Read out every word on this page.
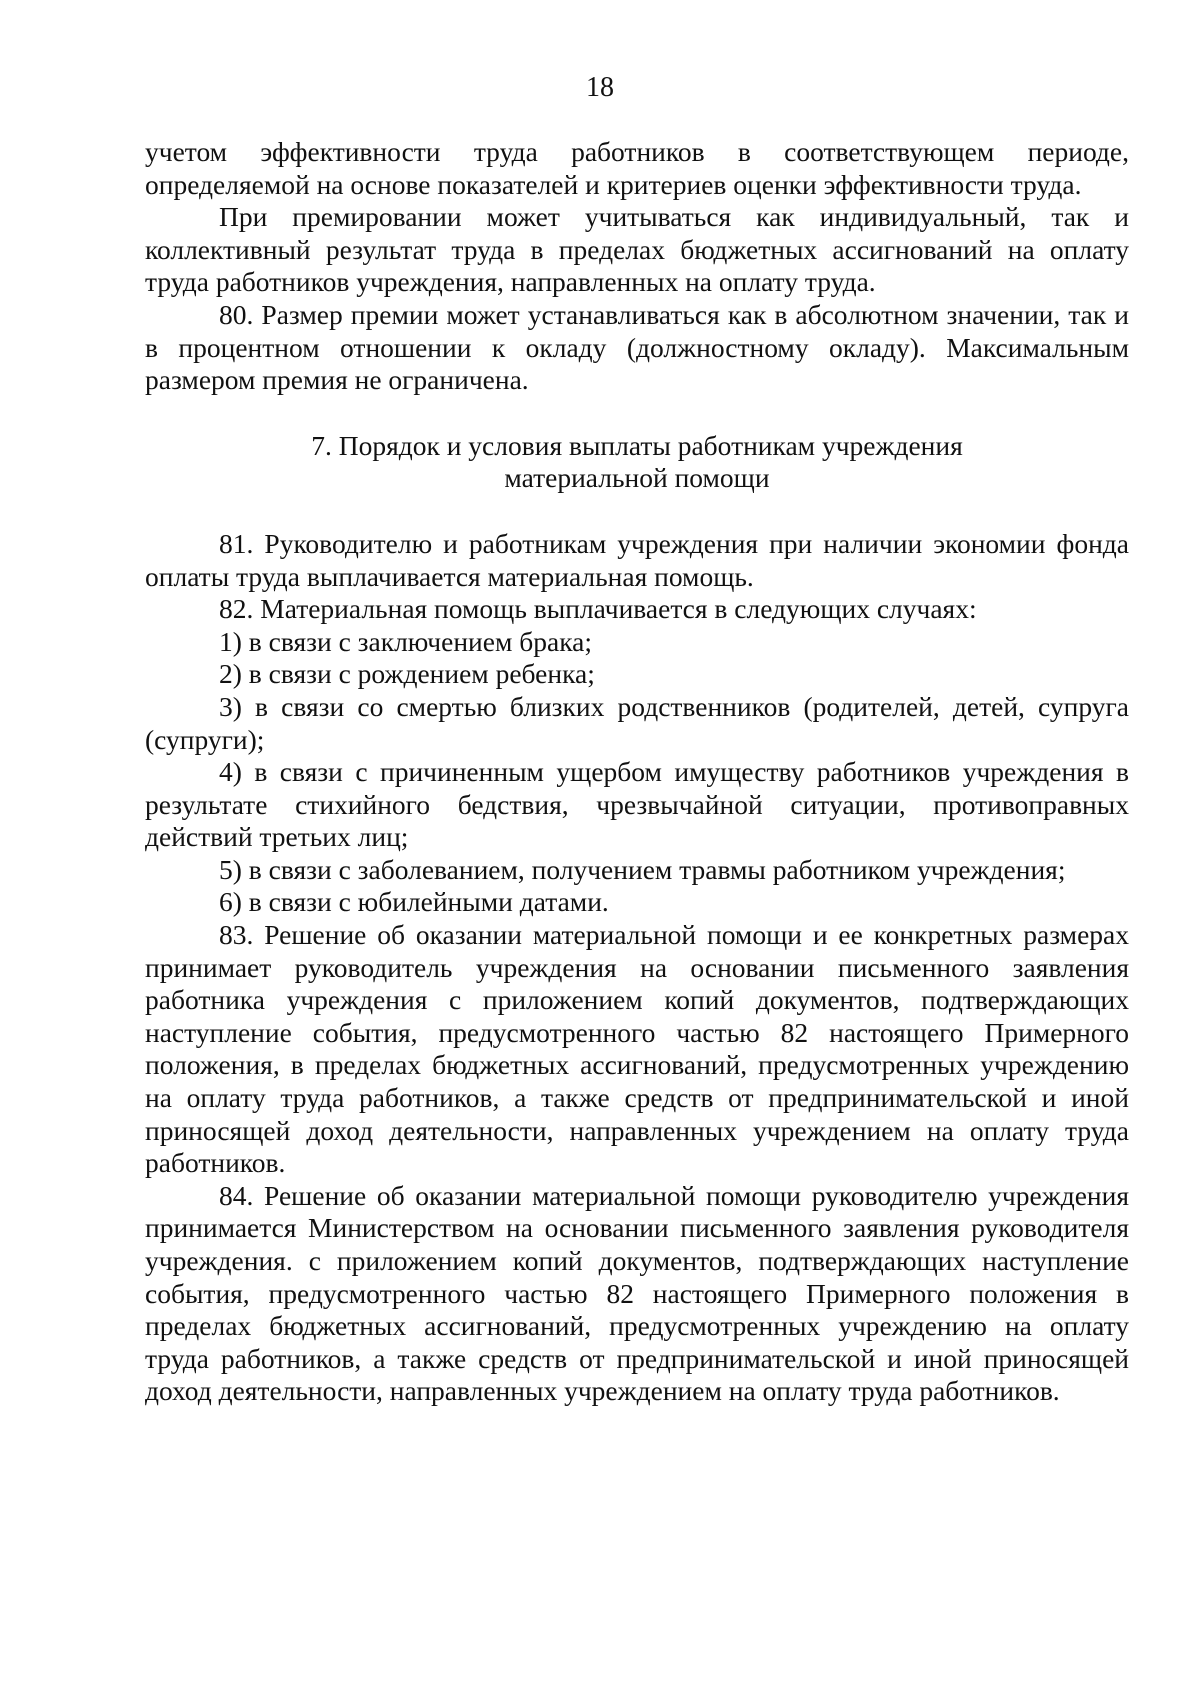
18

учетом эффективности труда работников в соответствующем периоде, определяемой на основе показателей и критериев оценки эффективности труда.

При премировании может учитываться как индивидуальный, так и коллективный результат труда в пределах бюджетных ассигнований на оплату труда работников учреждения, направленных на оплату труда.

80. Размер премии может устанавливаться как в абсолютном значении, так и в процентном отношении к окладу (должностному окладу). Максимальным размером премия не ограничена.

7. Порядок и условия выплаты работникам учреждения
материальной помощи

81. Руководителю и работникам учреждения при наличии экономии фонда оплаты труда выплачивается материальная помощь.

82. Материальная помощь выплачивается в следующих случаях:

1) в связи с заключением брака;

2) в связи с рождением ребенка;

3) в связи со смертью близких родственников (родителей, детей, супруга (супруги);

4) в связи с причиненным ущербом имуществу работников учреждения в результате стихийного бедствия, чрезвычайной ситуации, противоправных действий третьих лиц;

5) в связи с заболеванием, получением травмы работником учреждения;

6) в связи с юбилейными датами.

83. Решение об оказании материальной помощи и ее конкретных размерах принимает руководитель учреждения на основании письменного заявления работника учреждения с приложением копий документов, подтверждающих наступление события, предусмотренного частью 82 настоящего Примерного положения, в пределах бюджетных ассигнований, предусмотренных учреждению на оплату труда работников, а также средств от предпринимательской и иной приносящей доход деятельности, направленных учреждением на оплату труда работников.

84. Решение об оказании материальной помощи руководителю учреждения принимается Министерством на основании письменного заявления руководителя учреждения. с приложением копий документов, подтверждающих наступление события, предусмотренного частью 82 настоящего Примерного положения в пределах бюджетных ассигнований, предусмотренных учреждению на оплату труда работников, а также средств от предпринимательской и иной приносящей доход деятельности, направленных учреждением на оплату труда работников.
